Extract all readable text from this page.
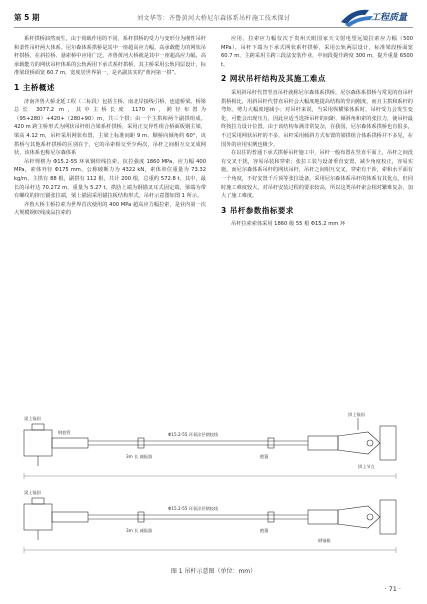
第 5 期	刘文华等：齐鲁黄河大桥尼尔森体系吊杆施工技术探讨	工程质量

系杆拱桥油然而生，由于荷载作用的不同，系杆拱桥的受力与变形分为刚性吊杆和柔性吊杆两大体系。尼尔森体系拱桥是其中一座超高应力幅、高承载能力的网状吊杆拱桥，在斜拉桥、悬索桥中应用广泛。齐鲁黄河大桥就是其中一座超高应力幅，高承载能力的网状吊杆体系的公轨两用下承式系杆拱桥，其主桥采用公轨同层设计，标准梁段桥面宽 60.7 m，宽度居世界第一，是名副其实的“黄河第一拱”。

1 主桥概述

济南齐鲁大桥北延工程（二标段）包括主桥、南北岸接线引桥、连道桥梁。桥梁总长 3077.2 m，其中主桥长度 1170 m，跨径布置为（95+280）+420+（280+90）m，共三个拱；由一个主拱和两个副拱组成。420 m 跨主桥形式为网状吊杆组合梁系杆拱桥，采用正交异性组合桥面板钢主梁，梁高 4.12 m，吊杆采用网状布置，主梁上标准间距 9 m，顺桥向倾角约 60°，该拱桥与其他系杆拱桥的区别在于，它的吊索相交至少两次，吊杆之间相互交叉成网状，该体系也称尼尔森体系

吊杆规格为 Φ15.2-55 环氧钢绞线拉索，抗拉强度 1860 MPa，应力幅 400 MPa，索体外径 Φ175 mm，公称破断力为 4322 kN，索体单位重量为 73.32 kg/m，主拱有 88 根，副拱有 112 根，共计 200 根，总重约 572.8 t，其中，最长的吊杆达 70.272 m，重量为 5.27 t。拱肋上端为钢锚叉耳式固定端，梁端为带有螺纹的挤压锚张拉端，梁上锚固采用锚拉板结构形式。吊杆示意图如图 1 所示。

齐鲁大桥主桥拉索为世界首次使用的 400 MPa 超高应力幅拉索，是业内第一次大规模钢绞线成品拉索的

应用，拉索应力幅仅次于贵州天眼国家天文射电望远镜拉索应力幅（500 MPa）。吊杆下端为下承式网状系杆拱桥，采用公轨两层设计，标准梁段桥面宽 60.7 m，主跨采用主跨三段法安装作业，中间段提升跨度 300 m，提升重量 6500 t。

2 网状吊杆结构及其施工难点

采用斜吊杆代替竖直吊杆就称尼尔森体系拱桥。尼尔森体系拱桥与常见的直吊杆拱桥相比，用斜吊杆代替直吊杆会大幅度地提高结构的竖向刚度，而且主拱和系杆的弯矩、剪力大幅度地减小；对吊杆来说，当采用纵横梁体系时，吊杆受力会发生变化，可能会出现压力，因此应适当选择吊杆的间距、倾斜角和索的张拉力，使吊杆最终按拉力设计位置。由于该结构布满非常复杂，在我国，尼尔森体系拱桥也有很多，不过采用网状吊杆的不多，吊杆采用倾斜方式布置的梁拱组合体系拱桥并不多见，在国外的应用实例也极少。

在以往的普通下承式拱桥吊杆施工中，吊杆一般布置在竖直平面上，吊杆之间没有交叉干扰，容易吊装和穿索；张拉工装与设备垂直安置，减少角度校正，容易实施。而尼尔森体系吊杆的网状吊杆，吊杆之间相互交叉，穿索有干涉，索和水平面有一个角度，不好安置千斤顶等张拉设备。采用尼尔森体系吊杆的体系有其优点，但同时施工难度较大，对吊杆安装过程的要求较高，所以这类吊杆索会相对繁难复杂，加大了施工难度。

3 吊杆参数指标要求

吊杆拉索索体采用 1860 级 55 根 Φ15.2 mm 环

梁上锚固
梁上锚固
拱上锚固
Φ15.2-55 环氧涂层钢绞线
Φ15.2-55 环氧涂层钢绞线
3m 长 减振器
3m 长 减振器
抱箍
抱箍
钢套管
拱上节点
钢锚箱
图 1 吊杆示意图（单位：mm）
· 71 ·
